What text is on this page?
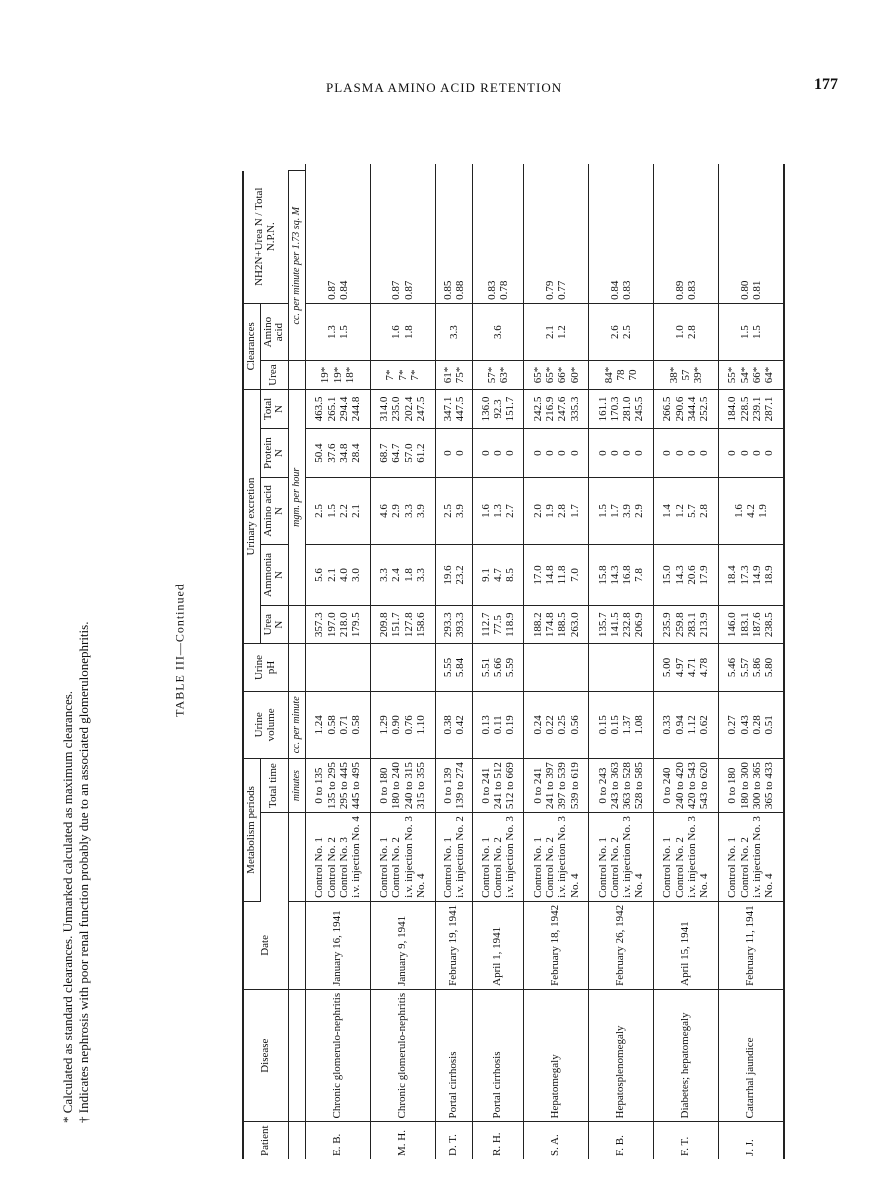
PLASMA AMINO ACID RETENTION	177
TABLE III—Continued
Patient	Disease	Date	Metabolism periods		Urine volume	Urine pH	Urinary excretion					Clearances		NH2N+Urea N / Total N.P.N.	
				Total time			Urea N	Ammonia N	Amino acid N	Protein N	Total N	Urea	Amino acid		
				minutes	cc. per minute			mgm. per hour					cc. per minute per 1.73 sq. M		
E. B.	Chronic glomerulo-nephritis	January 16, 1941	Control No. 1 Control No. 2 Control No. 3 i.v. injection No. 4	0 to 135 135 to 295 295 to 445 445 to 495	1.24 0.58 0.71 0.58		357.3 197.0 218.0 179.5	5.6 2.1 4.0 3.0	2.5 1.5 2.2 2.1	50.4 37.6 34.8 28.4	463.5 265.1 294.4 244.8	19* 19* 18*	1.3 1.5	0.87 0.84	

M. H.	Chronic glomerulo-nephritis	January 9, 1941	Control No. 1 Control No. 2 i.v. injection No. 3 No. 4	0 to 180 180 to 240 240 to 315 315 to 355	1.29 0.90 0.76 1.10		209.8 151.7 127.8 158.6	3.3 2.4 1.8 3.3	4.6 2.9 3.3 3.9	68.7 64.7 57.0 61.2	314.0 235.0 202.4 247.5	7* 7* 7*	1.6 1.8	0.87 0.87	

D. T.	Portal cirrhosis	February 19, 1941	Control No. 1 i.v. injection No. 2	0 to 139 139 to 274	0.38 0.42	5.55 5.84	293.3 393.3	19.6 23.2	2.5 3.9	0 0	347.1 447.5	61* 75*	3.3	0.85 0.88	

R. H.	Portal cirrhosis	April 1, 1941	Control No. 1 Control No. 2 i.v. injection No. 3	0 to 241 241 to 512 512 to 669	0.13 0.11 0.19	5.51 5.66 5.59	112.7 77.5 118.9	9.1 4.7 8.5	1.6 1.3 2.7	0 0 0	136.0 92.3 151.7	57* 63*	3.6	0.83 0.78	

S. A.	Hepatomegaly	February 18, 1942	Control No. 1 Control No. 2 i.v. injection No. 3 No. 4	0 to 241 241 to 397 397 to 539 539 to 619	0.24 0.22 0.25 0.56		188.2 174.8 188.5 263.0	17.0 14.8 11.8 7.0	2.0 1.9 2.8 1.7	0 0 0 0	242.5 216.9 247.6 335.3	65* 65* 66* 60*	2.1 1.2	0.79 0.77	

F. B.	Hepatosplenomegaly	February 26, 1942	Control No. 1 Control No. 2 i.v. injection No. 3 No. 4	0 to 243 243 to 363 363 to 528 528 to 585	0.15 0.15 1.37 1.08		135.7 141.5 232.8 206.9	15.8 14.3 16.8 7.8	1.5 1.7 3.9 2.9	0 0 0 0	161.1 170.3 281.0 245.5	84* 78 70	2.6 2.5	0.84 0.83	

F. T.	Diabetes; hepatomegaly	April 15, 1941	Control No. 1 Control No. 2 i.v. injection No. 3 No. 4	0 to 240 240 to 420 420 to 543 543 to 620	0.33 0.94 1.12 0.62	5.00 4.97 4.71 4.78	235.9 259.8 283.1 213.9	15.0 14.3 20.6 17.9	1.4 1.2 5.7 2.8	0 0 0 0	266.5 290.6 344.4 252.5	38* 57 39*	1.0 2.8	0.89 0.83	

J. J.	Catarrhal jaundice	February 11, 1941	Control No. 1 Control No. 2 i.v. injection No. 3 No. 4	0 to 180 180 to 300 300 to 365 365 to 433	0.27 0.43 0.28 0.51	5.46 5.57 5.86 5.80	146.0 183.1 187.6 238.5	18.4 17.3 14.9 18.9	1.6 4.2 1.9	0 0 0 0	184.0 228.5 239.1 287.1	55* 54* 66* 64*	1.5 1.5	0.80 0.81	
* Calculated as standard clearances. Unmarked calculated as maximum clearances. † Indicates nephrosis with poor renal function probably due to an associated glomerulonephritis.
